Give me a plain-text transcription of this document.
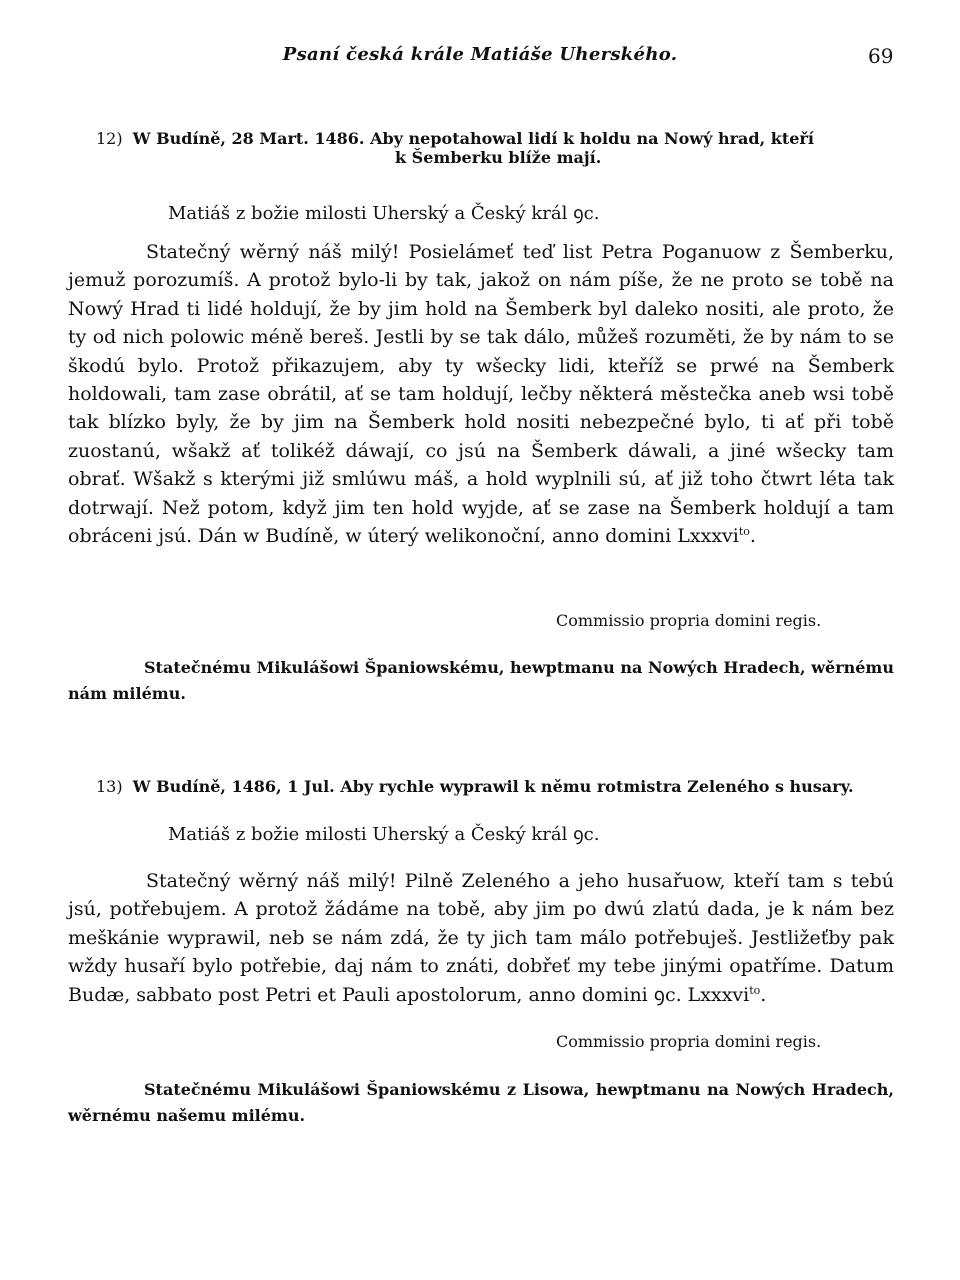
Psaní česká krále Matiáše Uherského.	69
12) W Budíně, 28 Mart. 1486. Aby nepotahowal lidí k holdu na Nowý hrad, kteří
k Šemberku blíže mají.
Matiáš z božie milosti Uherský a Český král ꝯc.
Statečný wěrný náš milý! Posielámeť teď list Petra Poganuow z Šemberku, jemuž porozumíš. A protož bylo-li by tak, jakož on nám píše, že ne proto se tobě na Nowý Hrad ti lidé holdují, že by jim hold na Šemberk byl daleko nositi, ale proto, že ty od nich polowic méně bereš. Jestli by se tak dálo, můžeš rozuměti, že by nám to se škodú bylo. Protož přikazujem, aby ty wšecky lidi, kteříž se prwé na Šemberk holdowali, tam zase obrátil, ať se tam holdují, lečby některá městečka aneb wsi tobě tak blízko byly, že by jim na Šemberk hold nositi nebezpečné bylo, ti ať při tobě zuostanú, wšakž ať tolikéž dáwají, co jsú na Šemberk dáwali, a jiné wšecky tam obrať. Wšakž s kterými již smlúwu máš, a hold wyplnili sú, ať již toho čtwrt léta tak dotrwají. Než potom, když jim ten hold wyjde, ať se zase na Šemberk holdují a tam obráceni jsú. Dán w Budíně, w úterý welikonoční, anno domini Lxxxvi$^{to}$.
Commissio propria domini regis.
Statečnému Mikulášowi Španiowskému, hewptmanu na Nowých Hradech, wěrnému nám milému.
13) W Budíně, 1486, 1 Jul. Aby rychle wyprawil k němu rotmistra Zeleného s husary.
Matiáš z božie milosti Uherský a Český král ꝯc.
Statečný wěrný náš milý! Pilně Zeleného a jeho husařuow, kteří tam s tebú jsú, potřebujem. A protož žádáme na tobě, aby jim po dwú zlatú dada, je k nám bez meškánie wyprawil, neb se nám zdá, že ty jich tam málo potřebuješ. Jestližeťby pak wždy husaří bylo potřebie, daj nám to znáti, dobřeť my tebe jinými opatříme. Datum Budæ, sabbato post Petri et Pauli apostolorum, anno domini ꝯc. Lxxxvi$^{to}$.
Commissio propria domini regis.
Statečnému Mikulášowi Španiowskému z Lisowa, hewptmanu na Nowých Hradech, wěrnému našemu milému.
